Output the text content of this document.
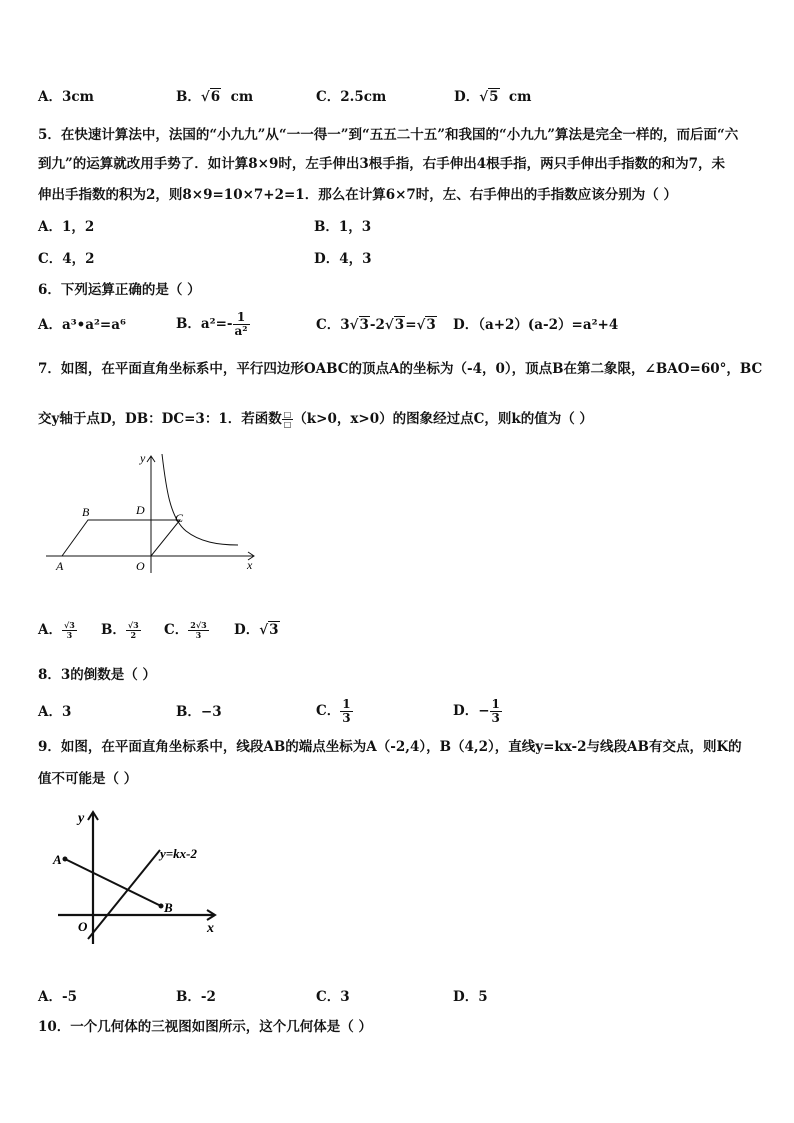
A．3cm	B．√6 cm	C．2.5cm	D．√5 cm
5．在快速计算法中，法国的“小九九”从“一一得一”到“五五二十五”和我国的“小九九”算法是完全一样的，而后面“六
到九”的运算就改用手势了．如计算8×9时，左手伸出3根手指，右手伸出4根手指，两只手伸出手指数的和为7，未
伸出手指数的积为2，则8×9=10×7+2=1．那么在计算6×7时，左、右手伸出的手指数应该分别为（ ）
A．1，2	B．1，3
C．4，2	D．4，3
6．下列运算正确的是（ ）
A．a³•a²=a⁶	B．$a^2=- \frac{1}{\text{a²}}$	C．3√3-2√3=√3 D．（a+2）(a-2）=a²+4
7．如图，在平面直角坐标系中，平行四边形OABC的顶点A的坐标为（-4，0），顶点B在第二象限，∠BAO=60°，BC
交y轴于点D，DB：DC=3：1．若函数 $\frac{□}{□} (k>0$，x>0）的图象经过点C，则k的值为（ ）
y
x
B	D
C
A	O
A． $\frac{√3}{3}$ B． $\frac{√3}{2}$ C． $\frac{2√3}{3}$ D．√3
8．3的倒数是（ ）
A．3	B．−3	C． $\frac{1}{3}$	D．− $\frac{1}{3}$
9．如图，在平面直角坐标系中，线段AB的端点坐标为A（-2,4），B（4,2），直线y=kx-2与线段AB有交点，则K的
值不可能是（ ）
y
x
A
B
O
y=kx-2
A．-5	B．-2	C．3	D．5
10．一个几何体的三视图如图所示，这个几何体是（ ）
